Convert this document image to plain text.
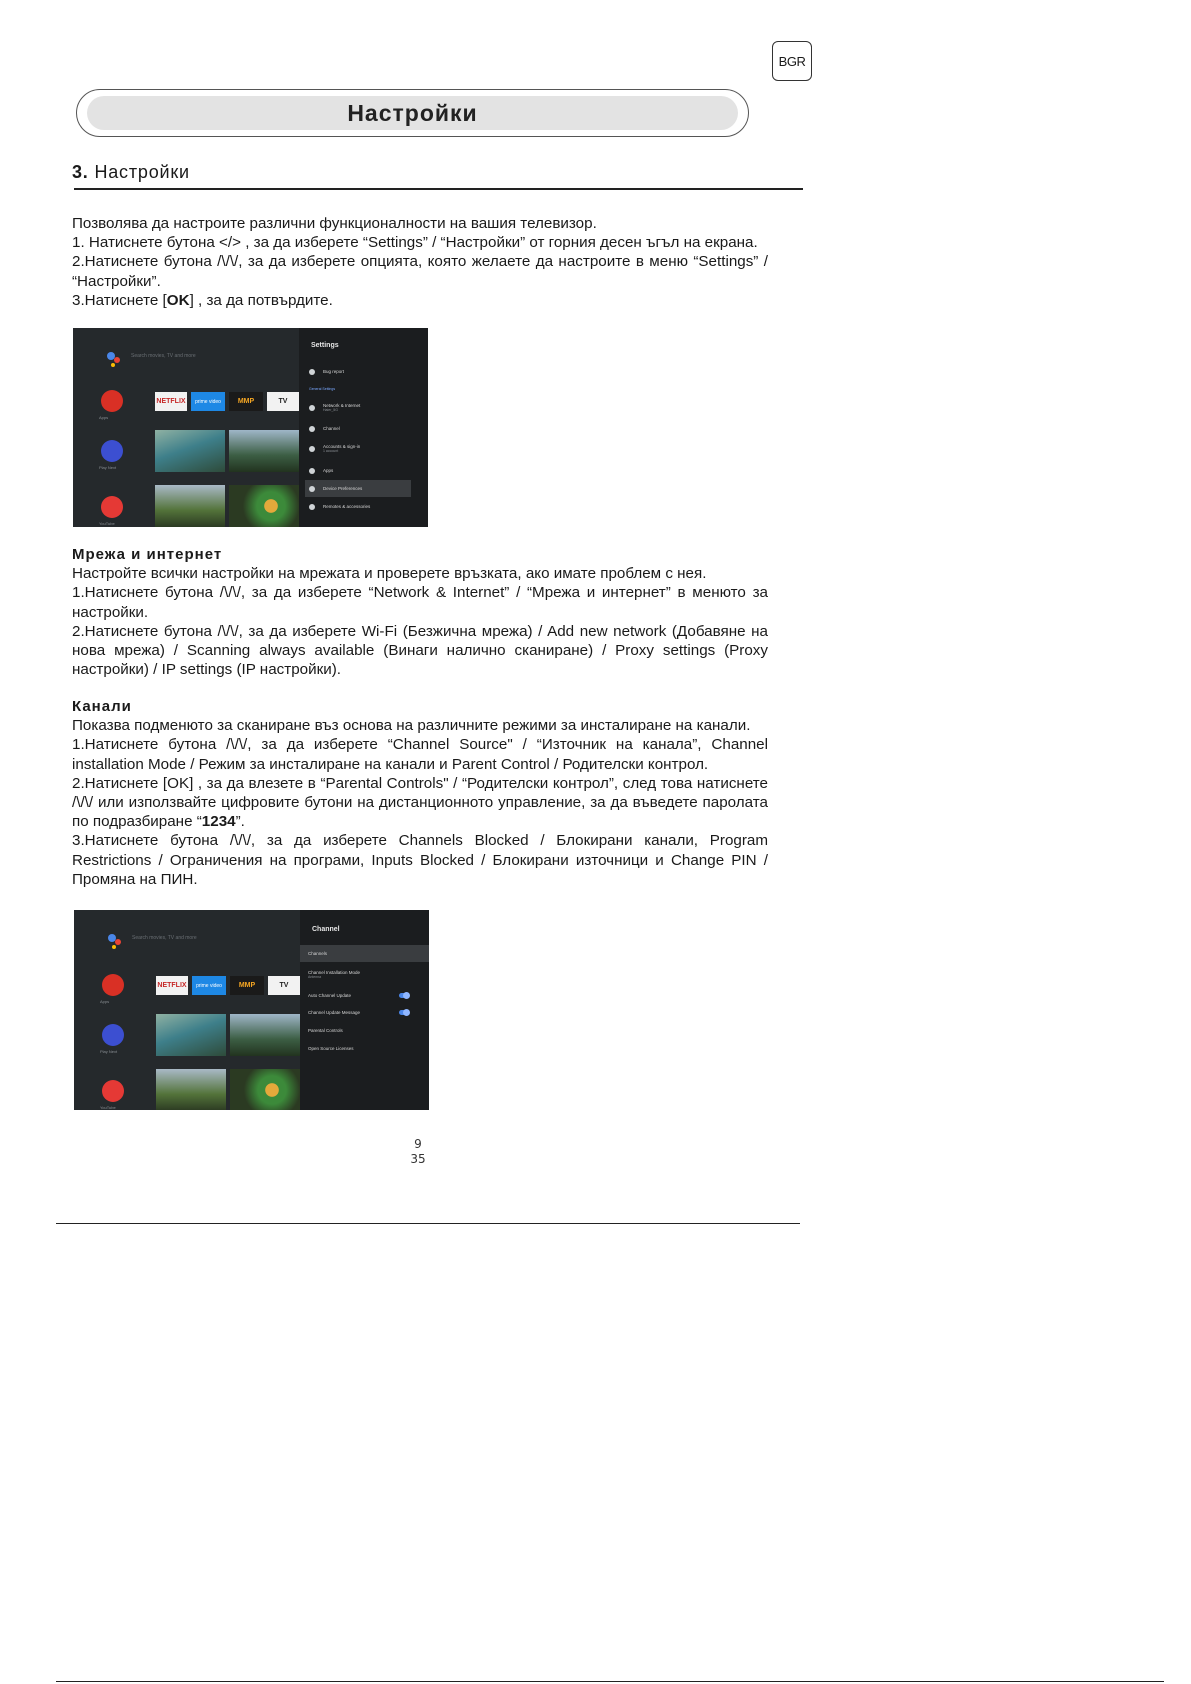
BGR
Настройки
3. Настройки

Позволява да настроите различни функционалности на вашия телевизор.

1. Натиснете бутона </> , за да изберете “Settings” / “Настройки” от горния десен ъгъл на екрана.

2.Натиснете бутона /\/\/, за да изберете опцията, която желаете да настроите в меню “Settings” / “Настройки”.

3.Натиснете [OK] , за да потвърдите.

Search movies, TV and more
Apps
Play Next
YouTube
NETFLIX	prime video	MMP	TV
Settings
Bug report
General Settings
Network & Internet
Haier_5G
Channel
Accounts & sign-in
1 account
Apps
Device Preferences
Remotes & accessories

Мрежа и интернет

Настройте всички настройки на мрежата и проверете връзката, ако имате проблем с нея.

1.Натиснете бутона /\/\/, за да изберете “Network & Internet” / “Мрежа и интернет” в менюто за настройки.

2.Натиснете бутона /\/\/, за да изберете Wi-Fi (Безжична мрежа) / Add new network (Добавяне на нова мрежа) / Scanning always available (Винаги налично сканиране) / Proxy settings (Proxy настройки) / IP settings (IP настройки).

Канали

Показва подменюто за сканиране въз основа на различните режими за инсталиране на канали.

1.Натиснете бутона /\/\/, за да изберете “Channel Source" / “Източник на канала”, Channel installation Mode / Режим за инсталиране на канали и Parent Control / Родителски контрол.

2.Натиснете [OK] , за да влезете в “Parental Controls" / “Родителски контрол”, след това натиснете /\/\/ или използвайте цифровите бутони на дистанционното управление, за да въведете паролата по подразбиране “1234”.

3.Натиснете бутона /\/\/, за да изберете Channels Blocked / Блокирани канали, Program Restrictions / Ограничения на програми, Inputs Blocked / Блокирани източници и Change PIN / Промяна на ПИН.

Search movies, TV and more
Apps
Play Next
YouTube
NETFLIX	prime video	MMP	TV
Channel
Channels
Channel Installation Mode
Antenna
Auto Channel Update
Channel Update Message
Parental Controls
Open Source Licenses
9
35
